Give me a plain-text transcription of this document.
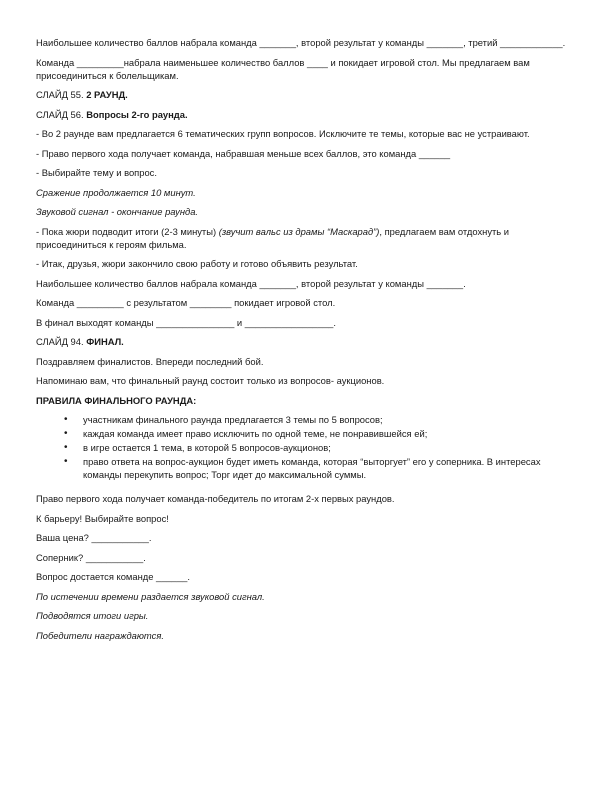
Наибольшее количество баллов набрала команда _______, второй результат у команды _______, третий ____________.

Команда _________набрала наименьшее количество баллов ____ и покидает игровой стол. Мы предлагаем вам присоединиться к болельщикам.

СЛАЙД 55. 2 РАУНД.

СЛАЙД 56. Вопросы 2-го раунда.

- Во 2 раунде вам предлагается 6 тематических групп вопросов. Исключите те темы, которые вас не устраивают.

- Право первого хода получает команда, набравшая меньше всех баллов, это команда ______

- Выбирайте тему и вопрос.

Сражение продолжается 10 минут.

Звуковой сигнал - окончание раунда.

- Пока жюри подводит итоги (2-3 минуты) (звучит вальс из драмы “Маскарад”), предлагаем вам отдохнуть и присоединиться к героям фильма.

- Итак, друзья, жюри закончило свою работу и готово объявить результат.

Наибольшее количество баллов набрала команда _______, второй результат у команды _______.

Команда _________ с результатом ________ покидает игровой стол.

В финал выходят команды _______________ и _________________.

СЛАЙД 94. ФИНАЛ.

Поздравляем финалистов. Впереди последний бой.

Напоминаю вам, что финальный раунд состоит только из вопросов- аукционов.

ПРАВИЛА ФИНАЛЬНОГО РАУНДА:

• участникам финального раунда предлагается 3 темы по 5 вопросов;
• каждая команда имеет право исключить по одной теме, не понравившейся ей;
• в игре остается 1 тема, в которой 5 вопросов-аукционов;
• право ответа на вопрос-аукцион будет иметь команда, которая “выторгует” его у соперника. В интересах команды перекупить вопрос; Торг идет до максимальной суммы.

Право первого хода получает команда-победитель по итогам 2-х первых раундов.

К барьеру! Выбирайте вопрос!

Ваша цена? ___________.

Соперник? ___________.

Вопрос достается команде ______.

По истечении времени раздается звуковой сигнал.

Подводятся итоги игры.

Победители награждаются.
